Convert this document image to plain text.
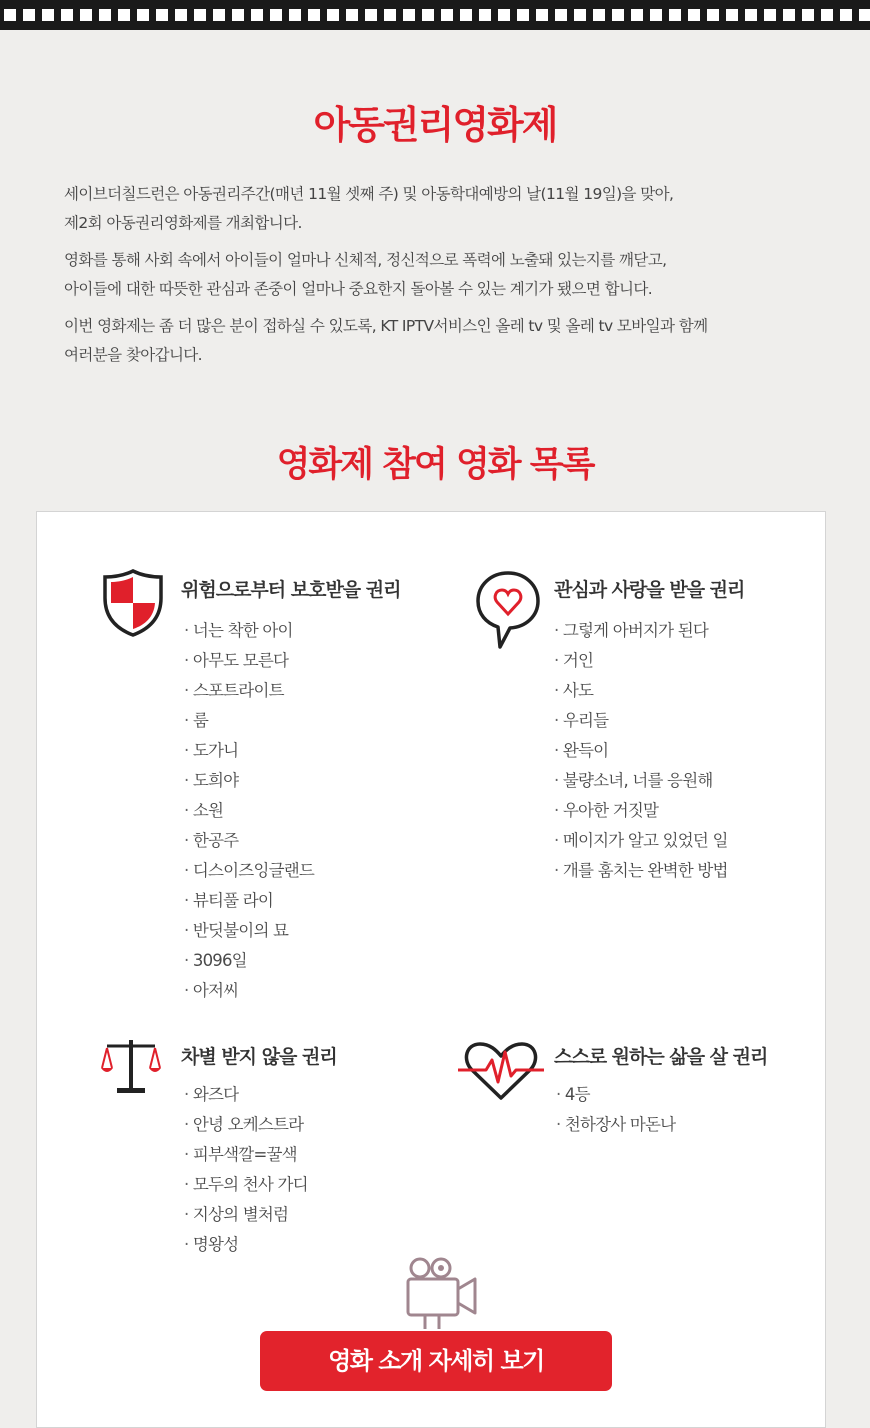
아동권리영화제

세이브더칠드런은 아동권리주간(매년 11월 셋째 주) 및 아동학대예방의 날(11월 19일)을 맞아,
제2회 아동권리영화제를 개최합니다.

영화를 통해 사회 속에서 아이들이 얼마나 신체적, 정신적으로 폭력에 노출돼 있는지를 깨닫고,
아이들에 대한 따뜻한 관심과 존중이 얼마나 중요한지 돌아볼 수 있는 계기가 됐으면 합니다.

이번 영화제는 좀 더 많은 분이 접하실 수 있도록, KT IPTV서비스인 올레 tv 및 올레 tv 모바일과 함께
여러분을 찾아갑니다.

영화제 참여 영화 목록
위험으로부터 보호받을 권리
· 너는 착한 아이
· 아무도 모른다
· 스포트라이트
· 룸
· 도가니
· 도희야
· 소원
· 한공주
· 디스이즈잉글랜드
· 뷰티풀 라이
· 반딧불이의 묘
· 3096일
· 아저씨
관심과 사랑을 받을 권리
· 그렇게 아버지가 된다
· 거인
· 사도
· 우리들
· 완득이
· 불량소녀, 너를 응원해
· 우아한 거짓말
· 메이지가 알고 있었던 일
· 개를 훔치는 완벽한 방법
차별 받지 않을 권리
· 와즈다
· 안녕 오케스트라
· 피부색깔=꿀색
· 모두의 천사 가디
· 지상의 별처럼
· 명왕성
스스로 원하는 삶을 살 권리
· 4등
· 천하장사 마돈나
영화 소개 자세히 보기
